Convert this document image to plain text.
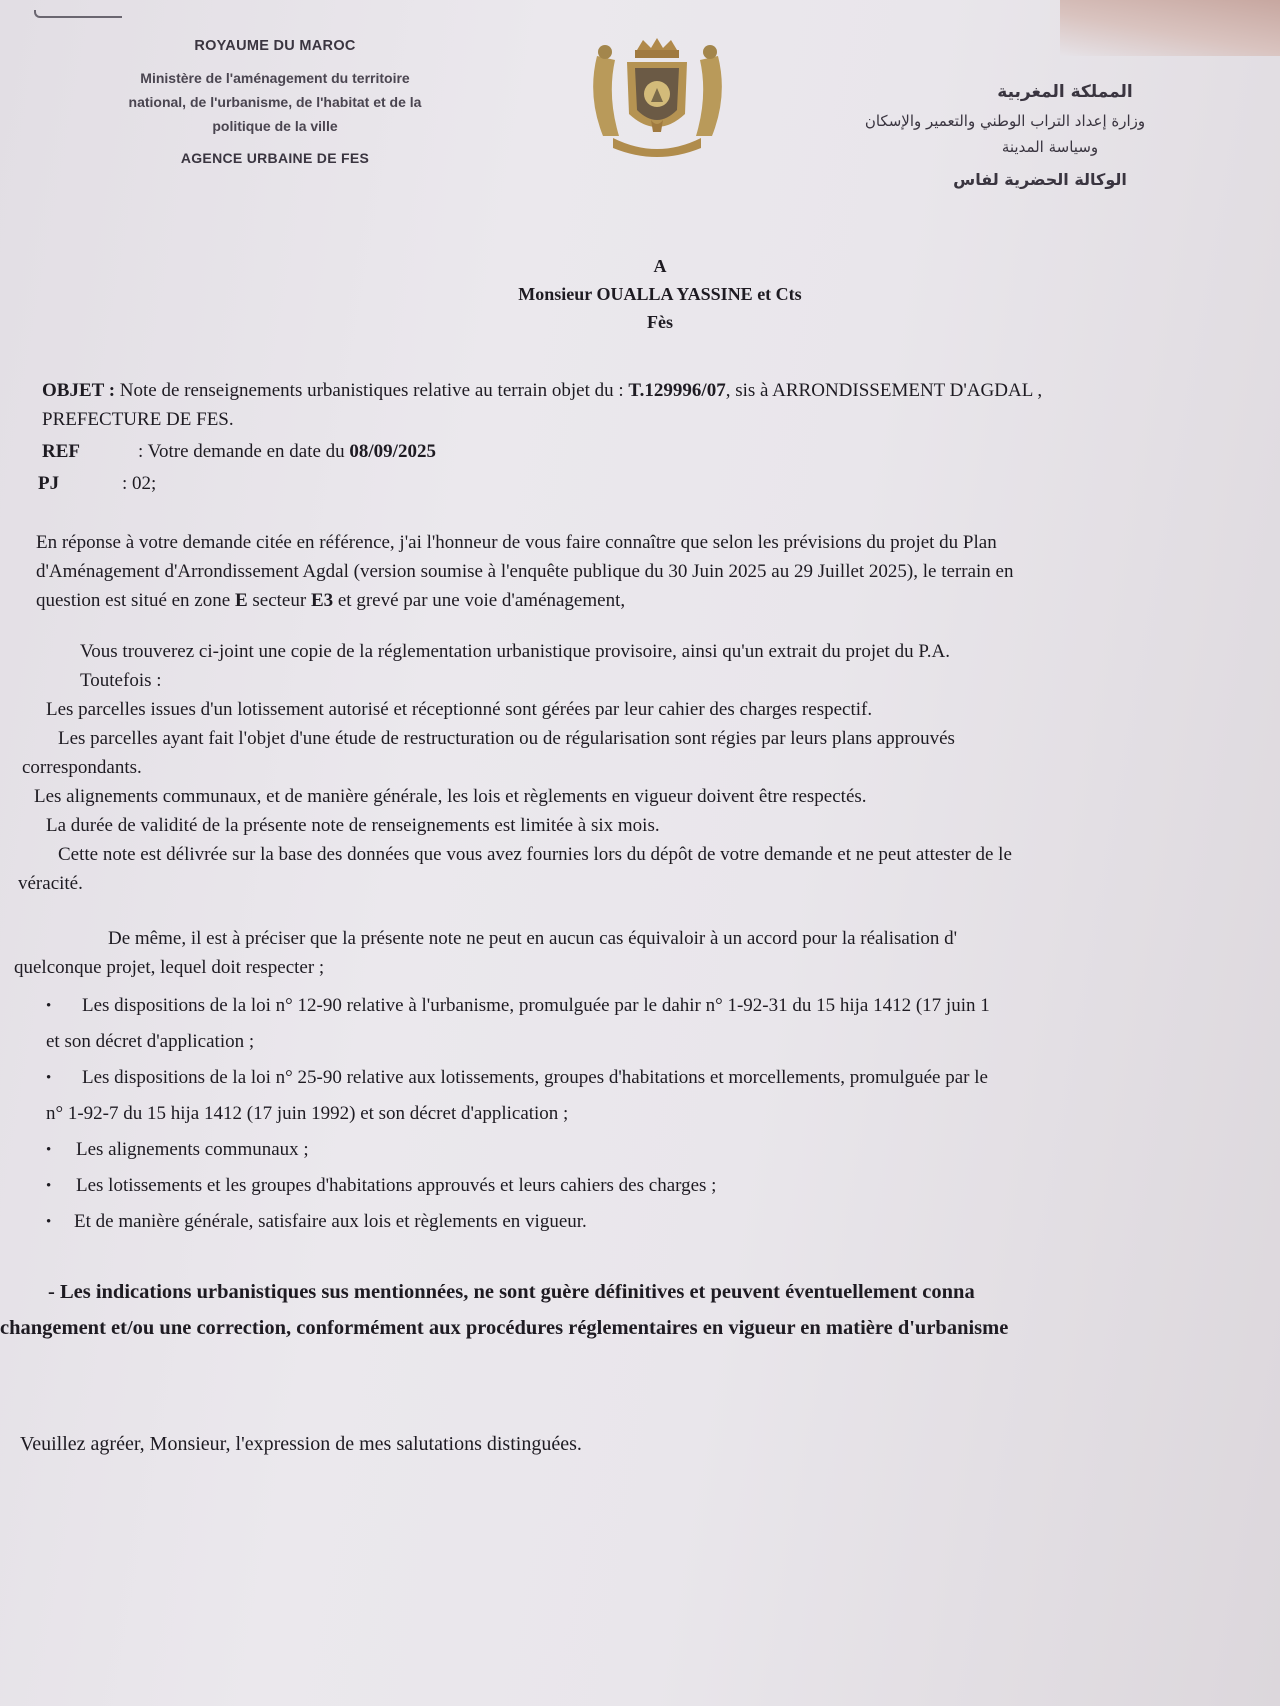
ROYAUME DU MAROC
Ministère de l'aménagement du territoire
national, de l'urbanisme, de l'habitat et de la
politique de la ville
AGENCE URBAINE DE FES
المملكة المغربية
وزارة إعداد التراب الوطني والتعمير والإسكان
وسياسة المدينة
الوكالة الحضرية لفاس
A
Monsieur OUALLA YASSINE et Cts
Fès
OBJET : Note de renseignements urbanistiques relative au terrain objet du : T.129996/07, sis à ARRONDISSEMENT D'AGDAL ,
PREFECTURE DE FES.
REF	: Votre demande en date du 08/09/2025
PJ	: 02;
En réponse à votre demande citée en référence, j'ai l'honneur de vous faire connaître que selon les prévisions du projet du Plan
d'Aménagement d'Arrondissement Agdal (version soumise à l'enquête publique du 30 Juin 2025 au 29 Juillet 2025), le terrain en
question est situé en zone E secteur E3 et grevé par une voie d'aménagement,
Vous trouverez ci-joint une copie de la réglementation urbanistique provisoire, ainsi qu'un extrait du projet du P.A.
Toutefois :
Les parcelles issues d'un lotissement autorisé et réceptionné sont gérées par leur cahier des charges respectif.
Les parcelles ayant fait l'objet d'une étude de restructuration ou de régularisation sont régies par leurs plans approuvés
correspondants.
Les alignements communaux, et de manière générale, les lois et règlements en vigueur doivent être respectés.
La durée de validité de la présente note de renseignements est limitée à six mois.
Cette note est délivrée sur la base des données que vous avez fournies lors du dépôt de votre demande et ne peut attester de le
véracité.
De même, il est à préciser que la présente note ne peut en aucun cas équivaloir à un accord pour la réalisation d'
quelconque projet, lequel doit respecter ;
• Les dispositions de la loi n° 12-90 relative à l'urbanisme, promulguée par le dahir n° 1-92-31 du 15 hija 1412 (17 juin 1
et son décret d'application ;
• Les dispositions de la loi n° 25-90 relative aux lotissements, groupes d'habitations et morcellements, promulguée par le
n° 1-92-7 du 15 hija 1412 (17 juin 1992) et son décret d'application ;
• Les alignements communaux ;
• Les lotissements et les groupes d'habitations approuvés et leurs cahiers des charges ;
• Et de manière générale, satisfaire aux lois et règlements en vigueur.
- Les indications urbanistiques sus mentionnées, ne sont guère définitives et peuvent éventuellement conna
changement et/ou une correction, conformément aux procédures réglementaires en vigueur en matière d'urbanisme
Veuillez agréer, Monsieur, l'expression de mes salutations distinguées.
